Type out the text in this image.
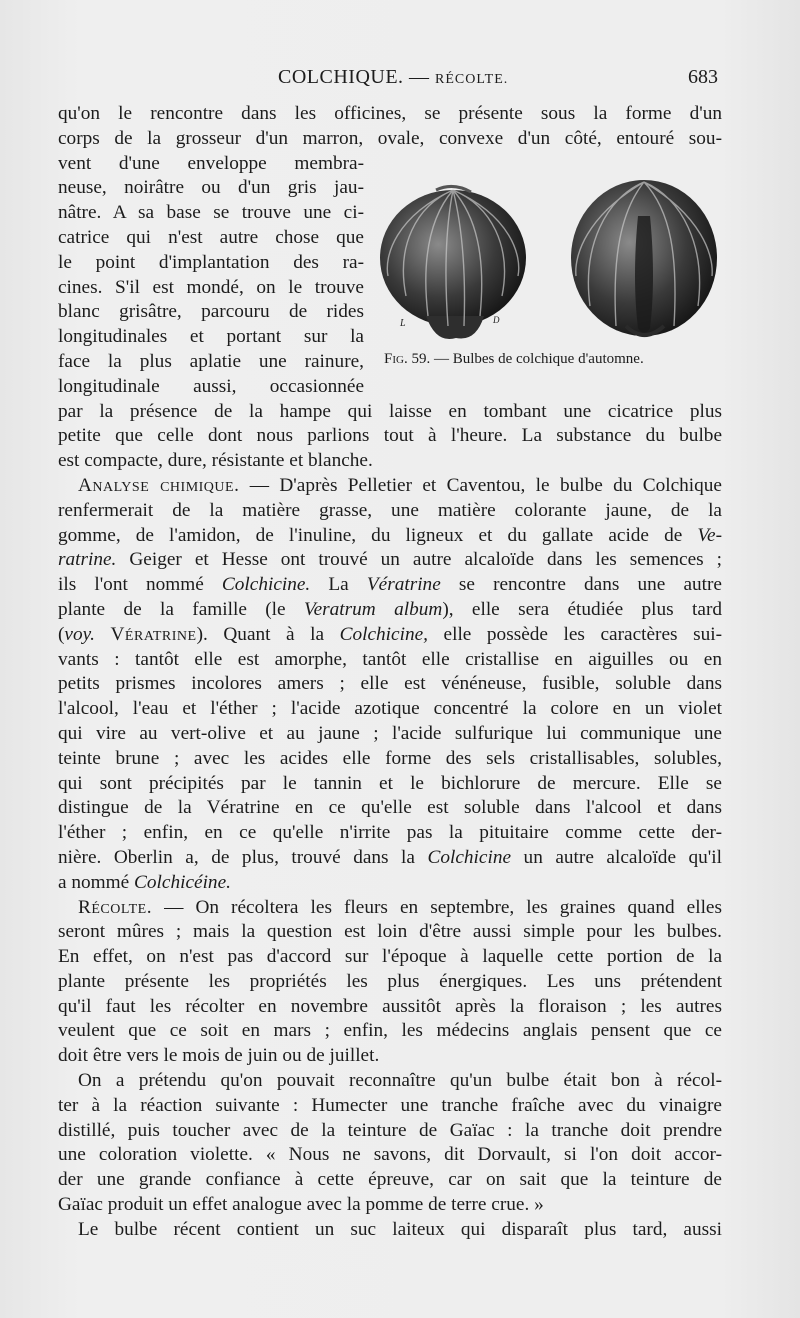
COLCHIQUE. — RÉCOLTE.	683
L	D
Fig. 59. — Bulbes de colchique d'automne.
qu'on le rencontre dans les officines, se présente sous la forme d'un
corps de la grosseur d'un marron, ovale, convexe d'un côté, entouré sou-
vent d'une enveloppe membra-
neuse, noirâtre ou d'un gris jau-
nâtre. A sa base se trouve une ci-
catrice qui n'est autre chose que
le point d'implantation des ra-
cines. S'il est mondé, on le trouve
blanc grisâtre, parcouru de rides
longitudinales et portant sur la
face la plus aplatie une rainure,
longitudinale aussi, occasionnée
par la présence de la hampe qui laisse en tombant une cicatrice plus
petite que celle dont nous parlions tout à l'heure. La substance du bulbe
est compacte, dure, résistante et blanche.
Analyse chimique. — D'après Pelletier et Caventou, le bulbe du Colchique
renfermerait de la matière grasse, une matière colorante jaune, de la
gomme, de l'amidon, de l'inuline, du ligneux et du gallate acide de Ve-
ratrine. Geiger et Hesse ont trouvé un autre alcaloïde dans les semences ;
ils l'ont nommé Colchicine. La Vératrine se rencontre dans une autre
plante de la famille (le Veratrum album), elle sera étudiée plus tard
(voy. Vératrine). Quant à la Colchicine, elle possède les caractères sui-
vants : tantôt elle est amorphe, tantôt elle cristallise en aiguilles ou en
petits prismes incolores amers ; elle est vénéneuse, fusible, soluble dans
l'alcool, l'eau et l'éther ; l'acide azotique concentré la colore en un violet
qui vire au vert-olive et au jaune ; l'acide sulfurique lui communique une
teinte brune ; avec les acides elle forme des sels cristallisables, solubles,
qui sont précipités par le tannin et le bichlorure de mercure. Elle se
distingue de la Vératrine en ce qu'elle est soluble dans l'alcool et dans
l'éther ; enfin, en ce qu'elle n'irrite pas la pituitaire comme cette der-
nière. Oberlin a, de plus, trouvé dans la Colchicine un autre alcaloïde qu'il
a nommé Colchicéine.
Récolte. — On récoltera les fleurs en septembre, les graines quand elles
seront mûres ; mais la question est loin d'être aussi simple pour les bulbes.
En effet, on n'est pas d'accord sur l'époque à laquelle cette portion de la
plante présente les propriétés les plus énergiques. Les uns prétendent
qu'il faut les récolter en novembre aussitôt après la floraison ; les autres
veulent que ce soit en mars ; enfin, les médecins anglais pensent que ce
doit être vers le mois de juin ou de juillet.
On a prétendu qu'on pouvait reconnaître qu'un bulbe était bon à récol-
ter à la réaction suivante : Humecter une tranche fraîche avec du vinaigre
distillé, puis toucher avec de la teinture de Gaïac : la tranche doit prendre
une coloration violette. « Nous ne savons, dit Dorvault, si l'on doit accor-
der une grande confiance à cette épreuve, car on sait que la teinture de
Gaïac produit un effet analogue avec la pomme de terre crue. »
Le bulbe récent contient un suc laiteux qui disparaît plus tard, aussi
